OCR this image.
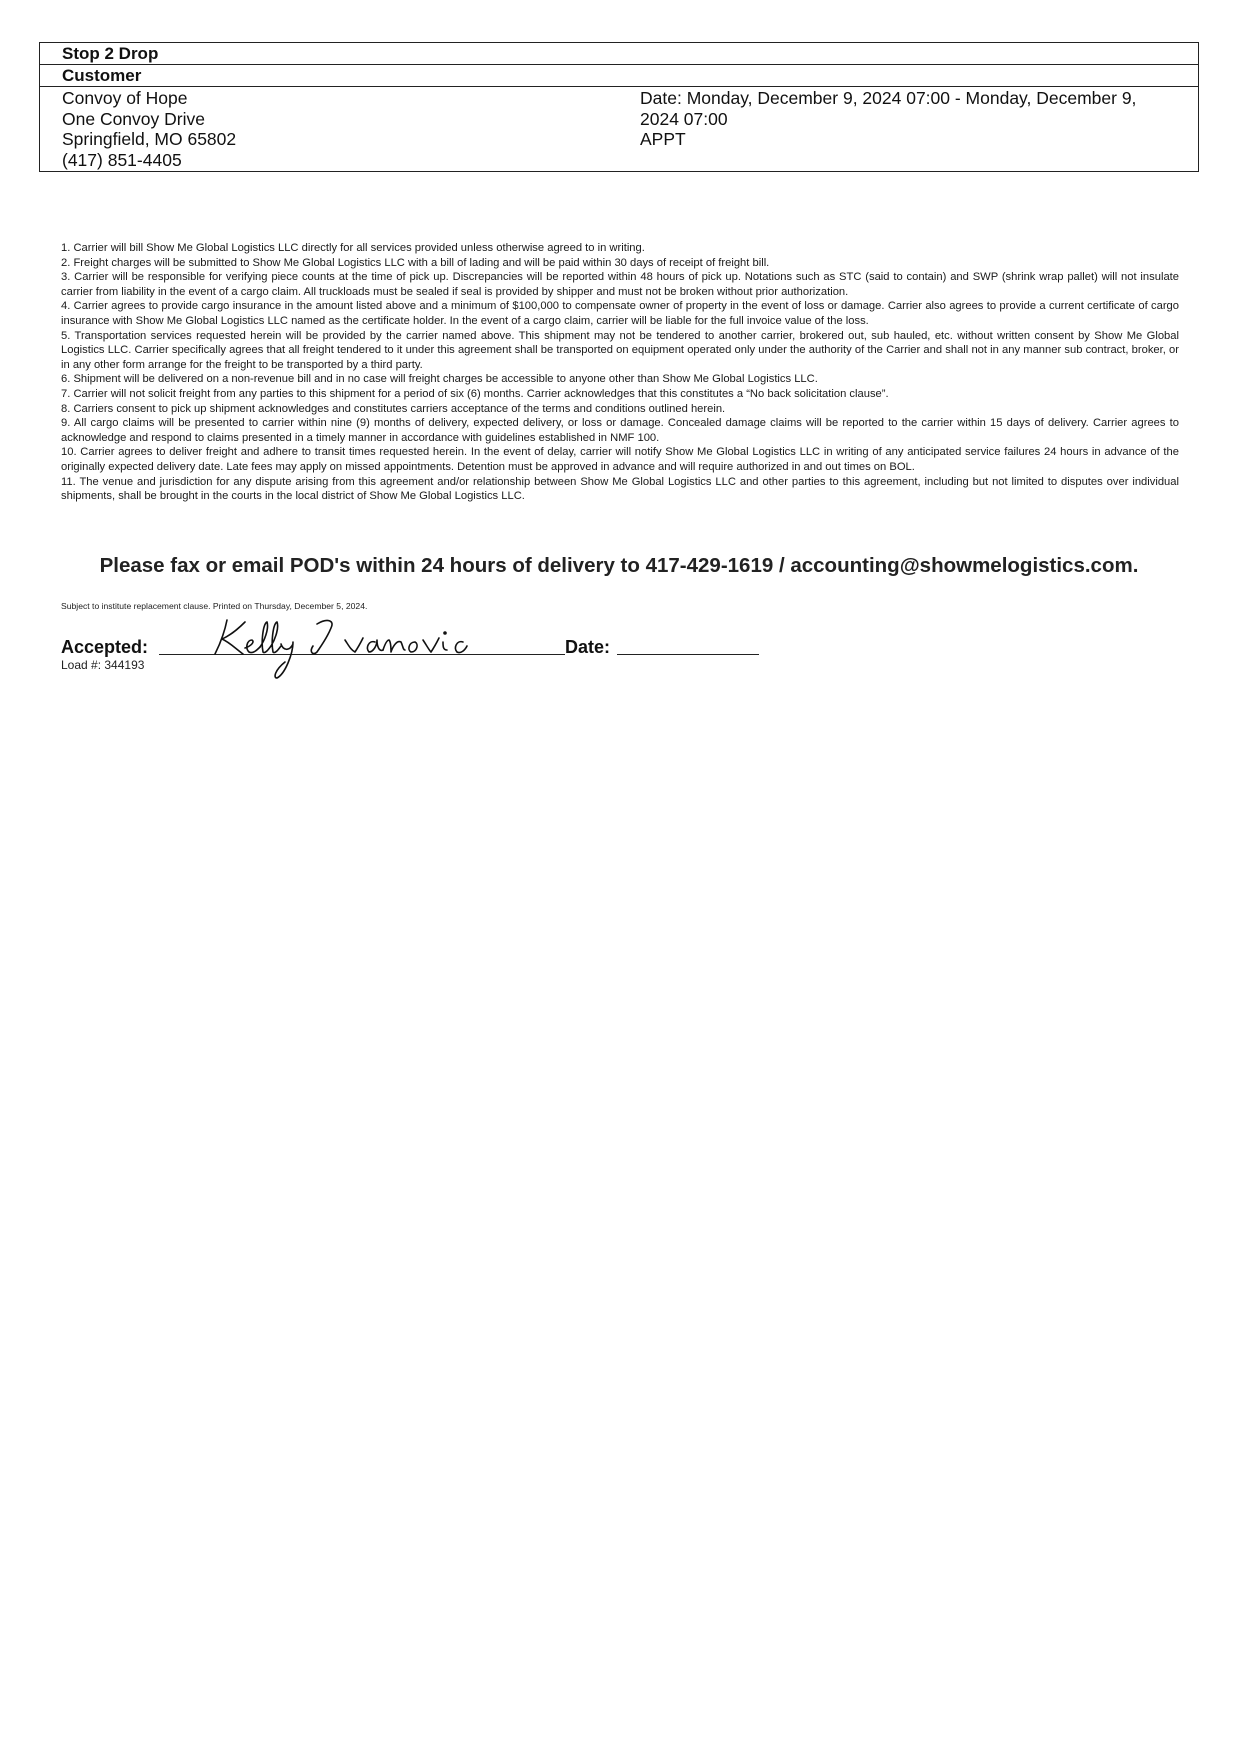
Stop 2 Drop
Customer
Convoy of Hope
One Convoy Drive
Springfield, MO 65802
(417) 851-4405
Date: Monday, December 9, 2024 07:00 - Monday, December 9,
2024 07:00
APPT

1. Carrier will bill Show Me Global Logistics LLC directly for all services provided unless otherwise agreed to in writing.

2. Freight charges will be submitted to Show Me Global Logistics LLC with a bill of lading and will be paid within 30 days of receipt of freight bill.

3. Carrier will be responsible for verifying piece counts at the time of pick up. Discrepancies will be reported within 48 hours of pick up. Notations such as STC (said to contain) and SWP (shrink wrap pallet) will not insulate carrier from liability in the event of a cargo claim. All truckloads must be sealed if seal is provided by shipper and must not be broken without prior authorization.

4. Carrier agrees to provide cargo insurance in the amount listed above and a minimum of $100,000 to compensate owner of property in the event of loss or damage. Carrier also agrees to provide a current certificate of cargo insurance with Show Me Global Logistics LLC named as the certificate holder. In the event of a cargo claim, carrier will be liable for the full invoice value of the loss.

5. Transportation services requested herein will be provided by the carrier named above. This shipment may not be tendered to another carrier, brokered out, sub hauled, etc. without written consent by Show Me Global Logistics LLC. Carrier specifically agrees that all freight tendered to it under this agreement shall be transported on equipment operated only under the authority of the Carrier and shall not in any manner sub contract, broker, or in any other form arrange for the freight to be transported by a third party.

6. Shipment will be delivered on a non-revenue bill and in no case will freight charges be accessible to anyone other than Show Me Global Logistics LLC.

7. Carrier will not solicit freight from any parties to this shipment for a period of six (6) months. Carrier acknowledges that this constitutes a “No back solicitation clause”.

8. Carriers consent to pick up shipment acknowledges and constitutes carriers acceptance of the terms and conditions outlined herein.

9. All cargo claims will be presented to carrier within nine (9) months of delivery, expected delivery, or loss or damage. Concealed damage claims will be reported to the carrier within 15 days of delivery. Carrier agrees to acknowledge and respond to claims presented in a timely manner in accordance with guidelines established in NMF 100.

10. Carrier agrees to deliver freight and adhere to transit times requested herein. In the event of delay, carrier will notify Show Me Global Logistics LLC in writing of any anticipated service failures 24 hours in advance of the originally expected delivery date. Late fees may apply on missed appointments. Detention must be approved in advance and will require authorized in and out times on BOL.

11. The venue and jurisdiction for any dispute arising from this agreement and/or relationship between Show Me Global Logistics LLC and other parties to this agreement, including but not limited to disputes over individual shipments, shall be brought in the courts in the local district of Show Me Global Logistics LLC.

Please fax or email POD's within 24 hours of delivery to 417-429-1619 / accounting@showmelogistics.com.
Subject to institute replacement clause. Printed on Thursday, December 5, 2024.
Accepted:	Date:
Load #: 344193
